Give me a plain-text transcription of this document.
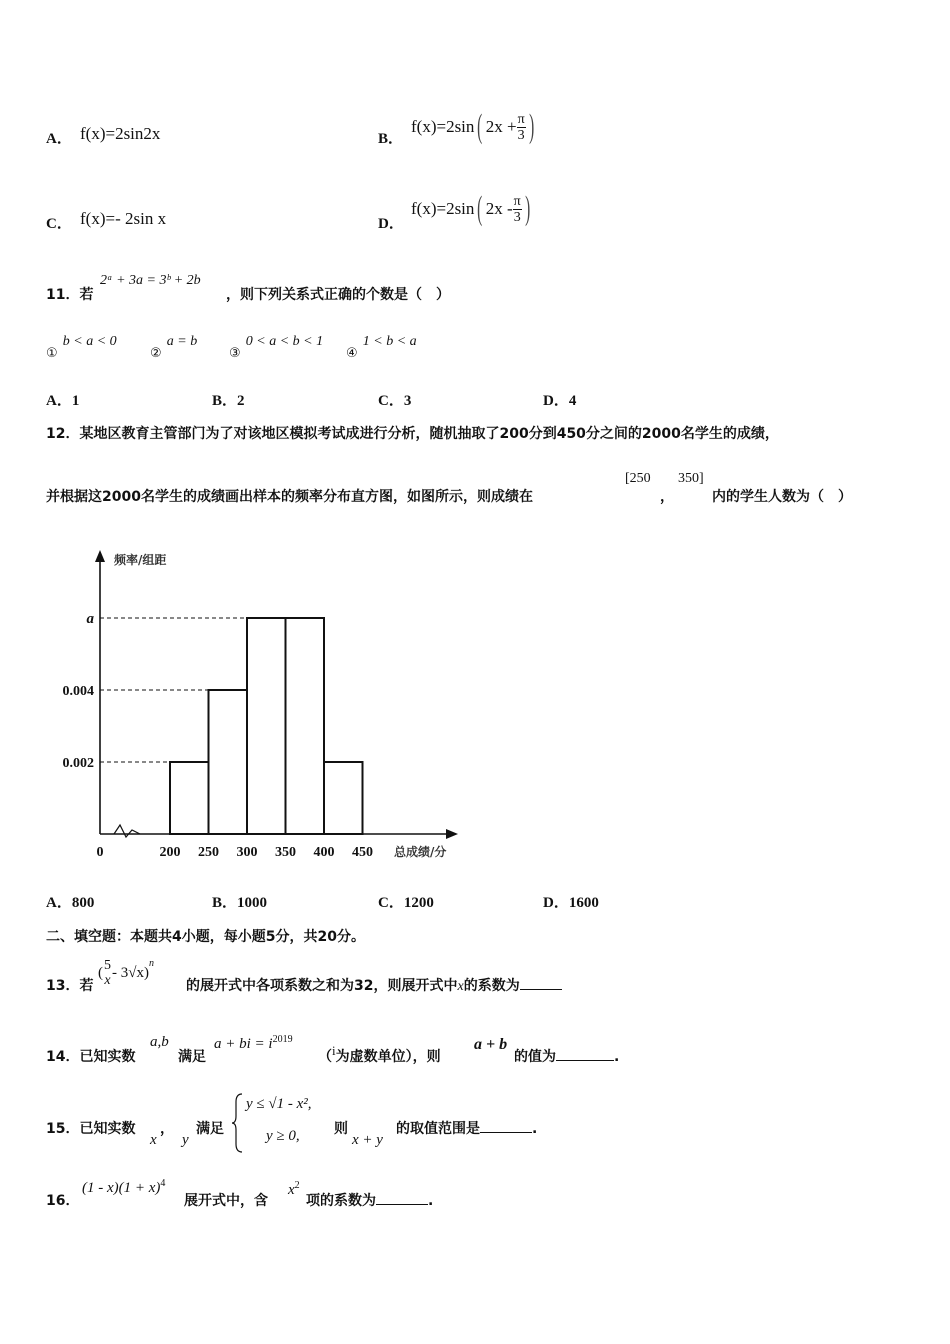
A． f(x)=2sin2x	B．
f(x)=2sin ( $2x + \frac{\pi}{3}$ )
C． f(x)=- 2sin x	D．
f(x)=2sin ( $2x - \frac{\pi}{3}$ )
11．若
2ᵃ + 3a = 3ᵇ + 2b
，则下列关系式正确的个数是（　）
$_①$ b < a < 0
$_②$ a = b
$_③$ 0 < a < b < 1
$_④$ 1 < b < a
A．1	B．2	C．3	D．4
12．某地区教育主管部门为了对该地区模拟考试成进行分析，随机抽取了200分到450分之间的2000名学生的成绩，
并根据这2000名学生的成绩画出样本的频率分布直方图，如图所示，则成绩在
[250
，
350]
内的学生人数为（　）
0.002
0.004
a
0	200 250 300 350 400 450
频率/组距
总成绩/分
A．800	B．1000	C．1200	D．1600
二、填空题：本题共4小题，每小题5分，共20分。
13．若
( 5
x - 3√x)
n
的展开式中各项系数之和为32，则展开式中x的系数为
14．已知实数
a,b
满足
a + bi = $i^{2019}$
（i为虚数单位），则
a + b
的值为	.
15．已知实数
x
，
y
满足
y ≤ √1 - x²,
y ≥ 0, 则
x + y
的取值范围是	.
16．
$(1 - x)(1 + x)^4$
展开式中，含
$x^2$
项的系数为	.
